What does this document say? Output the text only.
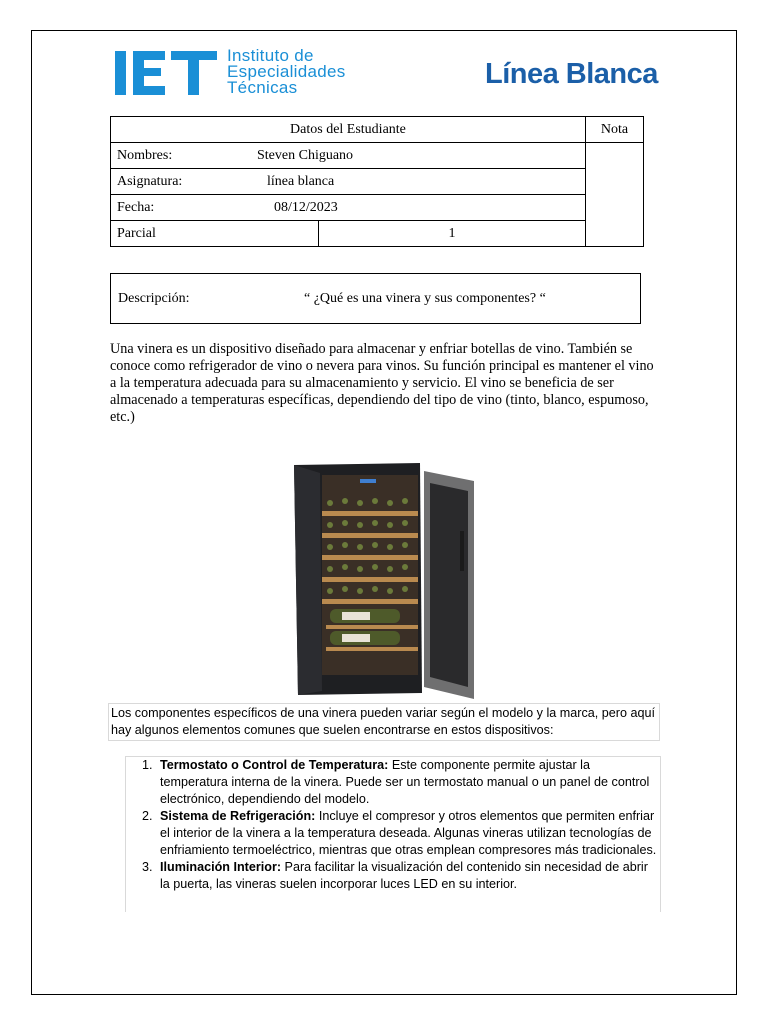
Instituto de
Especialidades
Técnicas	Línea Blanca
Datos del Estudiante		Nota
Nombres: Steven Chiguano		
Asignatura: línea blanca		
Fecha: 08/12/2023		
Parcial	1	
Descripción:	“ ¿Qué es una vinera y sus componentes? “
Una vinera es un dispositivo diseñado para almacenar y enfriar botellas de vino. También se conoce como refrigerador de vino o nevera para vinos. Su función principal es mantener el vino a la temperatura adecuada para su almacenamiento y servicio. El vino se beneficia de ser almacenado a temperaturas específicas, dependiendo del tipo de vino (tinto, blanco, espumoso, etc.)
Los componentes específicos de una vinera pueden variar según el modelo y la marca, pero aquí hay algunos elementos comunes que suelen encontrarse en estos dispositivos:
1. Termostato o Control de Temperatura: Este componente permite ajustar la temperatura interna de la vinera. Puede ser un termostato manual o un panel de control electrónico, dependiendo del modelo.
2. Sistema de Refrigeración: Incluye el compresor y otros elementos que permiten enfriar el interior de la vinera a la temperatura deseada. Algunas vineras utilizan tecnologías de enfriamiento termoeléctrico, mientras que otras emplean compresores más tradicionales.
3. Iluminación Interior: Para facilitar la visualización del contenido sin necesidad de abrir la puerta, las vineras suelen incorporar luces LED en su interior.
